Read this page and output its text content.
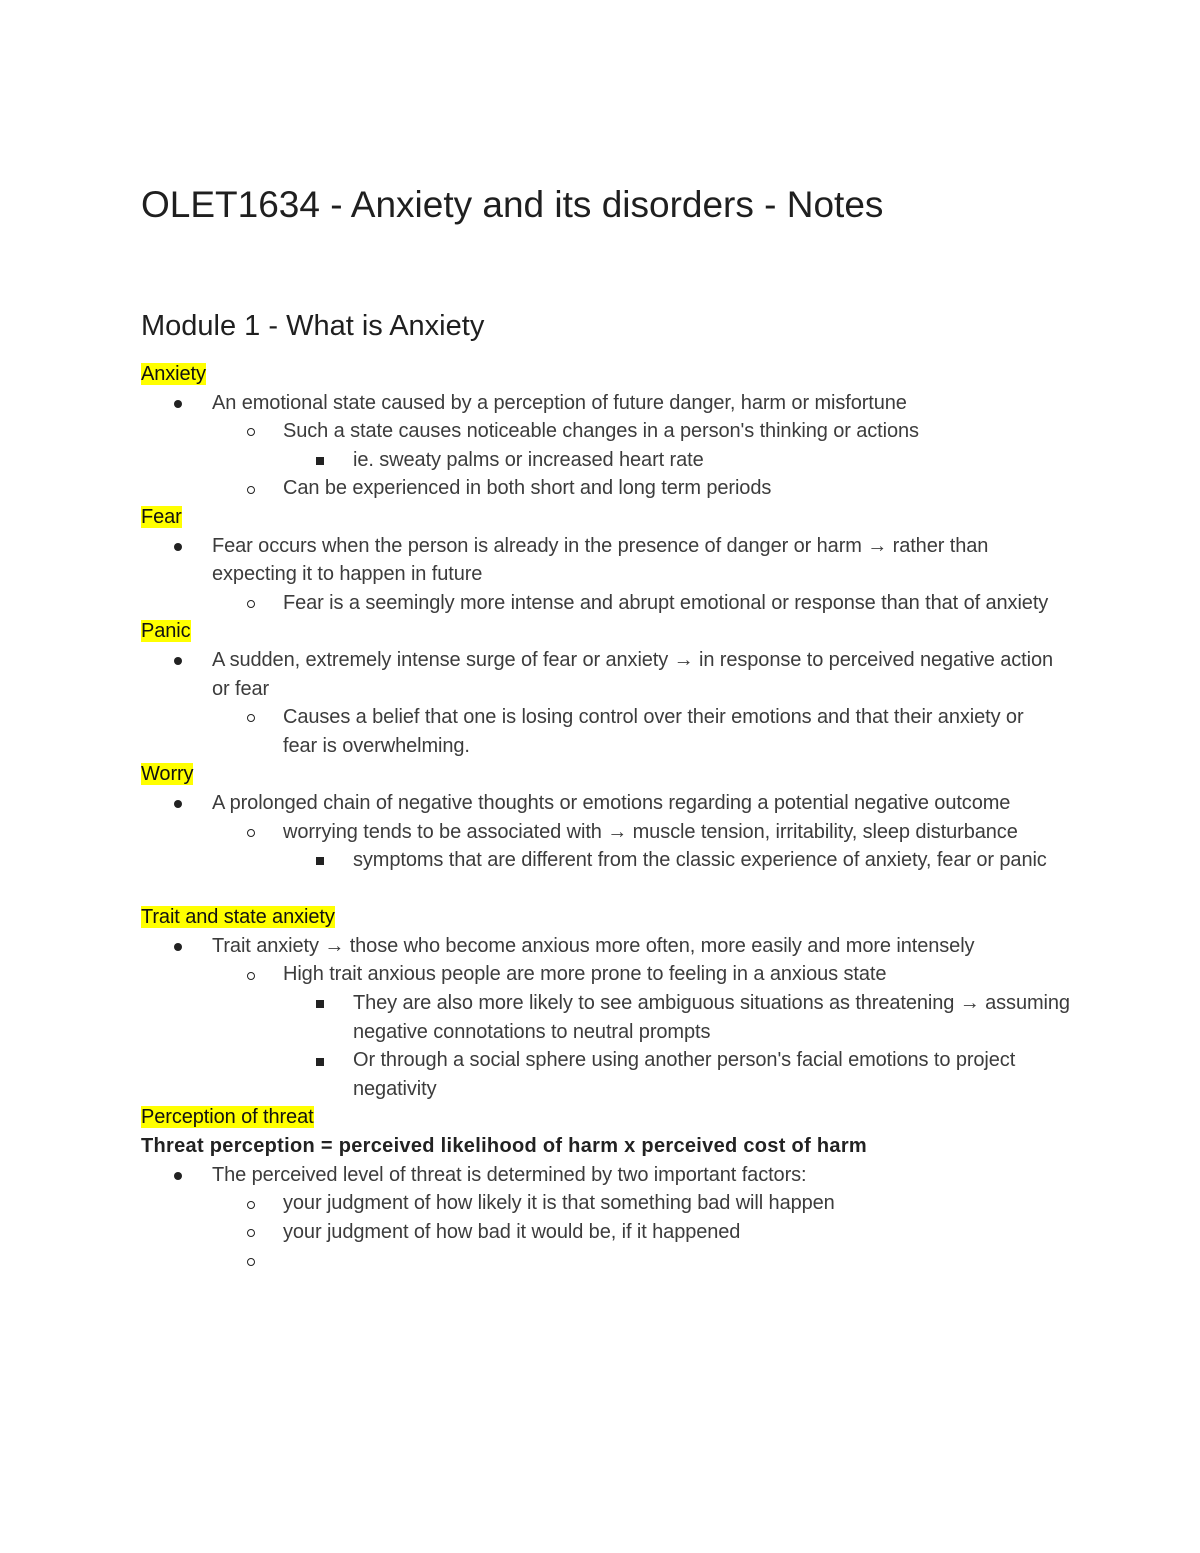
OLET1634 - Anxiety and its disorders - Notes
Module 1 - What is Anxiety
Anxiety
An emotional state caused by a perception of future danger, harm or misfortune
Such a state causes noticeable changes in a person's thinking or actions
ie. sweaty palms or increased heart rate
Can be experienced in both short and long term periods
Fear
Fear occurs when the person is already in the presence of danger or harm → rather than expecting it to happen in future
Fear is a seemingly more intense and abrupt emotional or response than that of anxiety
Panic
A sudden, extremely intense surge of fear or anxiety → in response to perceived negative action or fear
Causes a belief that one is losing control over their emotions and that their anxiety or fear is overwhelming.
Worry
A prolonged chain of negative thoughts or emotions regarding a potential negative outcome
worrying tends to be associated with → muscle tension, irritability, sleep disturbance
symptoms that are different from the classic experience of anxiety, fear or panic
Trait and state anxiety
Trait anxiety → those who become anxious more often, more easily and more intensely
High trait anxious people are more prone to feeling in a anxious state
They are also more likely to see ambiguous situations as threatening → assuming negative connotations to neutral prompts
Or through a social sphere using another person's facial emotions to project negativity
Perception of threat
Threat perception = perceived likelihood of harm x perceived cost of harm
The perceived level of threat is determined by two important factors:
your judgment of how likely it is that something bad will happen
your judgment of how bad it would be, if it happened
